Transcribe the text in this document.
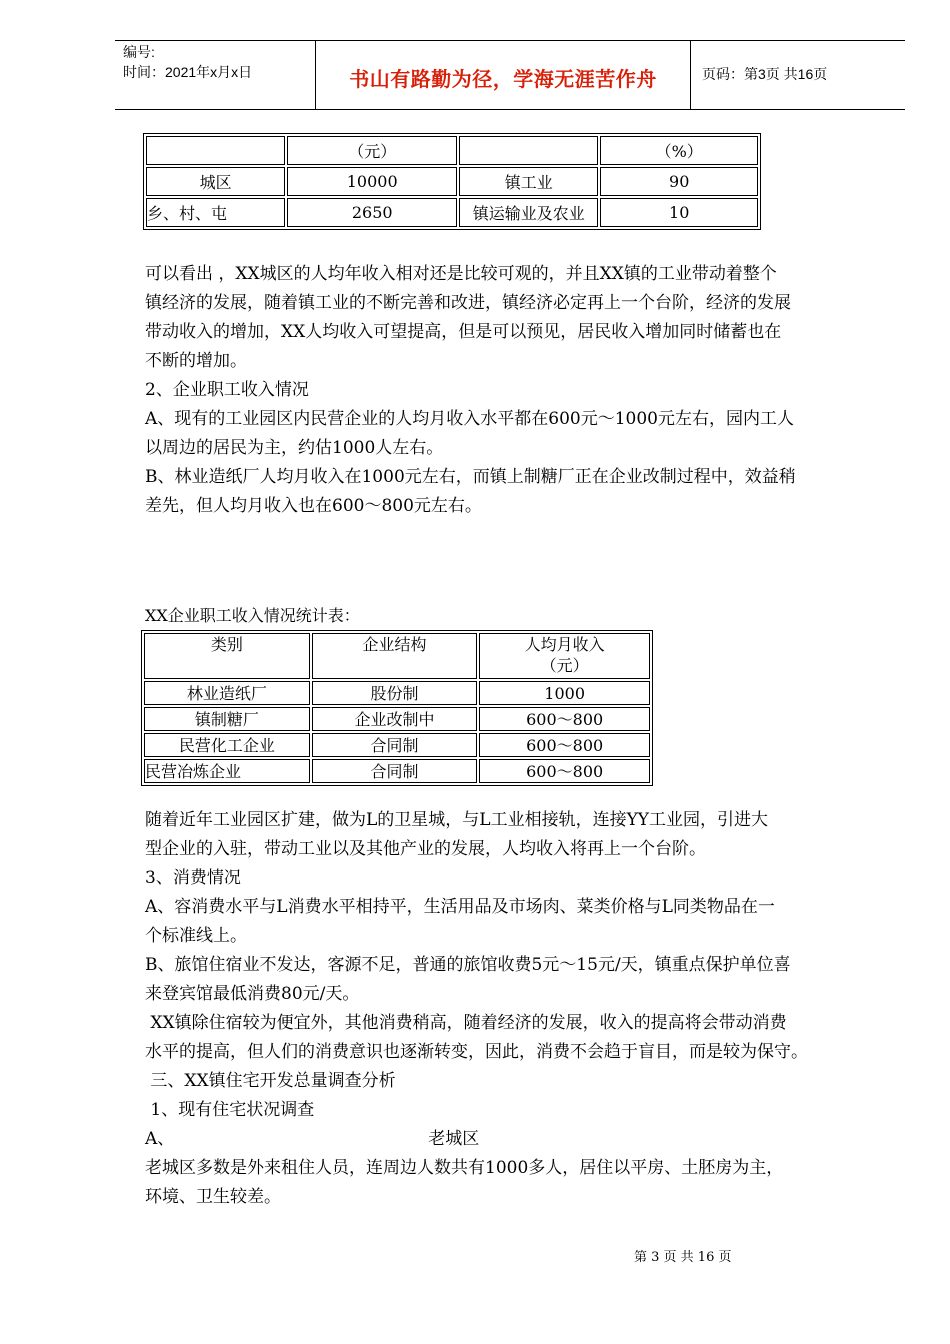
编号:
时间：2021年x月x日	书山有路勤为径，学海无涯苦作舟	页码：第3页 共16页
	（元）		（%）
城区	10000	镇工业	90
乡、村、屯	2650	镇运输业及农业	10
可以看出 ，XX城区的人均年收入相对还是比较可观的，并且XX镇的工业带动着整个
镇经济的发展，随着镇工业的不断完善和改进，镇经济必定再上一个台阶，经济的发展
带动收入的增加，XX人均收入可望提高，但是可以预见，居民收入增加同时储蓄也在
不断的增加。
2、企业职工收入情况
A、现有的工业园区内民营企业的人均月收入水平都在600元～1000元左右，园内工人
以周边的居民为主，约估1000人左右。
B、林业造纸厂人均月收入在1000元左右，而镇上制糖厂正在企业改制过程中，效益稍
差先，但人均月收入也在600～800元左右。
XX企业职工收入情况统计表：
类别	企业结构	人均月收入
（元）

林业造纸厂	股份制	1000
镇制糖厂	企业改制中	600～800
民营化工企业	合同制	600～800
民营冶炼企业	合同制	600～800
随着近年工业园区扩建，做为L的卫星城，与L工业相接轨，连接YY工业园，引进大
型企业的入驻，带动工业以及其他产业的发展，人均收入将再上一个台阶。
3、消费情况
A、容消费水平与L消费水平相持平，生活用品及市场肉、菜类价格与L同类物品在一
个标准线上。
B、旅馆住宿业不发达，客源不足，普通的旅馆收费5元～15元/天，镇重点保护单位喜
来登宾馆最低消费80元/天。
XX镇除住宿较为便宜外，其他消费稍高，随着经济的发展，收入的提高将会带动消费
水平的提高，但人们的消费意识也逐渐转变，因此，消费不会趋于盲目，而是较为保守。
三、XX镇住宅开发总量调查分析
1、现有住宅状况调查
A、	老城区
老城区多数是外来租住人员，连周边人数共有1000多人，居住以平房、土胚房为主，
环境、卫生较差。
第 3 页 共 16 页
